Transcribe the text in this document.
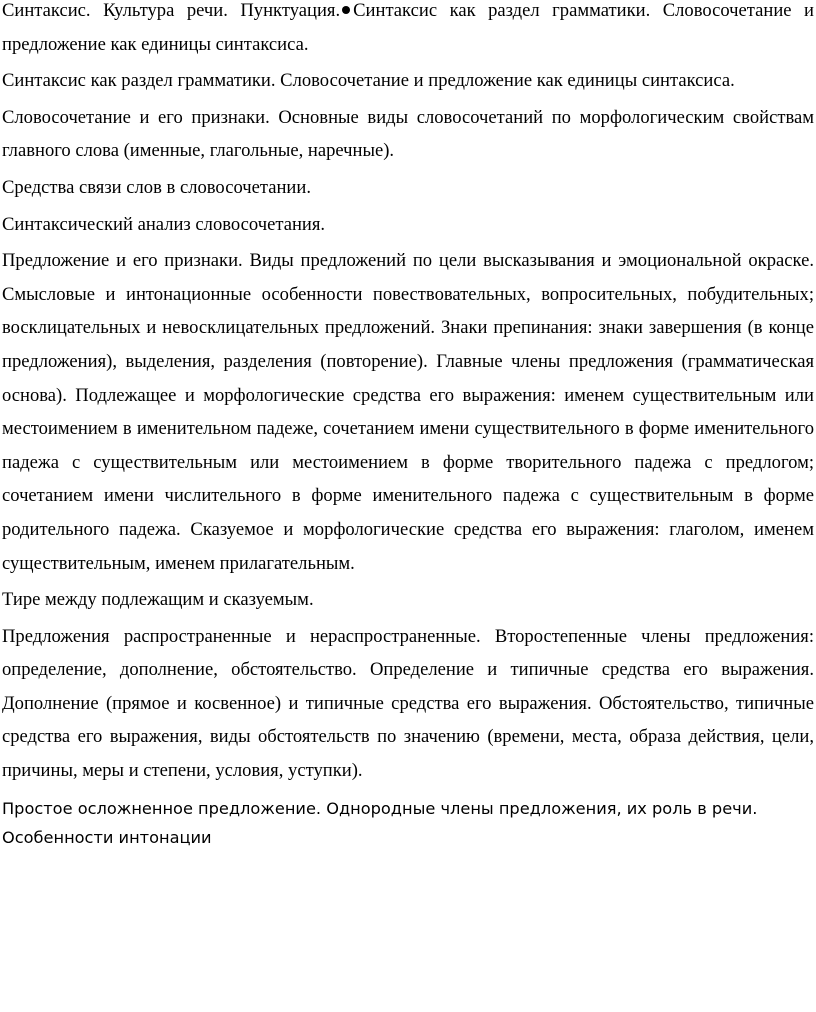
Синтаксис. Культура речи. Пунктуация. Синтаксис как раздел грамматики. Словосочетание и предложение как единицы синтаксиса.

Синтаксис как раздел грамматики. Словосочетание и предложение как единицы синтаксиса.

Словосочетание и его признаки. Основные виды словосочетаний по морфологическим свойствам главного слова (именные, глагольные, наречные).

Средства связи слов в словосочетании.

Синтаксический анализ словосочетания.

Предложение и его признаки. Виды предложений по цели высказывания и эмоциональной окраске. Смысловые и интонационные особенности повествовательных, вопросительных, побудительных; восклицательных и невосклицательных предложений. Знаки препинания: знаки завершения (в конце предложения), выделения, разделения (повторение). Главные члены предложения (грамматическая основа). Подлежащее и морфологические средства его выражения: именем существительным или местоимением в именительном падеже, сочетанием имени существительного в форме именительного падежа с существительным или местоимением в форме творительного падежа с предлогом; сочетанием имени числительного в форме именительного падежа с существительным в форме родительного падежа. Сказуемое и морфологические средства его выражения: глаголом, именем существительным, именем прилагательным.

Тире между подлежащим и сказуемым.

Предложения распространенные и нераспространенные. Второстепенные члены предложения: определение, дополнение, обстоятельство. Определение и типичные средства его выражения. Дополнение (прямое и косвенное) и типичные средства его выражения. Обстоятельство, типичные средства его выражения, виды обстоятельств по значению (времени, места, образа действия, цели, причины, меры и степени, условия, уступки).

Простое осложненное предложение. Однородные члены предложения, их роль в речи.

Особенности интонации
